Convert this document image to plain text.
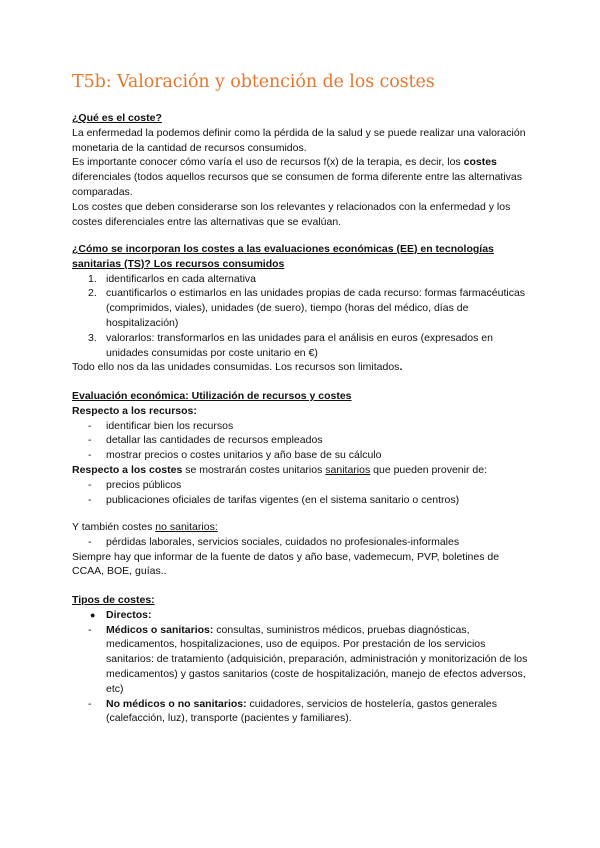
T5b: Valoración y obtención de los costes

¿Qué es el coste?

La enfermedad la podemos definir como la pérdida de la salud y se puede realizar una valoración monetaria de la cantidad de recursos consumidos.

Es importante conocer cómo varía el uso de recursos f(x) de la terapia, es decir, los costes diferenciales (todos aquellos recursos que se consumen de forma diferente entre las alternativas comparadas.

Los costes que deben considerarse son los relevantes y relacionados con la enfermedad y los costes diferenciales entre las alternativas que se evalúan.

¿Cómo se incorporan los costes a las evaluaciones económicas (EE) en tecnologías sanitarias (TS)? Los recursos consumidos

1. identificarlos en cada alternativa
2. cuantificarlos o estimarlos en las unidades propias de cada recurso: formas farmacéuticas (comprimidos, viales), unidades (de suero), tiempo (horas del médico, días de hospitalización)
3. valorarlos: transformarlos en las unidades para el análisis en euros (expresados en unidades consumidas por coste unitario en €)

Todo ello nos da las unidades consumidas. Los recursos son limitados.

Evaluación económica: Utilización de recursos y costes

Respecto a los recursos:

- identificar bien los recursos
- detallar las cantidades de recursos empleados
- mostrar precios o costes unitarios y año base de su cálculo

Respecto a los costes se mostrarán costes unitarios sanitarios que pueden provenir de:

- precios públicos
- publicaciones oficiales de tarifas vigentes (en el sistema sanitario o centros)

Y también costes no sanitarios:

- pérdidas laborales, servicios sociales, cuidados no profesionales-informales

Siempre hay que informar de la fuente de datos y año base, vademecum, PVP, boletines de CCAA, BOE, guías..

Tipos de costes:

● Directos:
- Médicos o sanitarios: consultas, suministros médicos, pruebas diagnósticas, medicamentos, hospitalizaciones, uso de equipos. Por prestación de los servicios sanitarios: de tratamiento (adquisición, preparación, administración y monitorización de los medicamentos) y gastos sanitarios (coste de hospitalización, manejo de efectos adversos, etc)
- No médicos o no sanitarios: cuidadores, servicios de hostelería, gastos generales (calefacción, luz), transporte (pacientes y familiares).
